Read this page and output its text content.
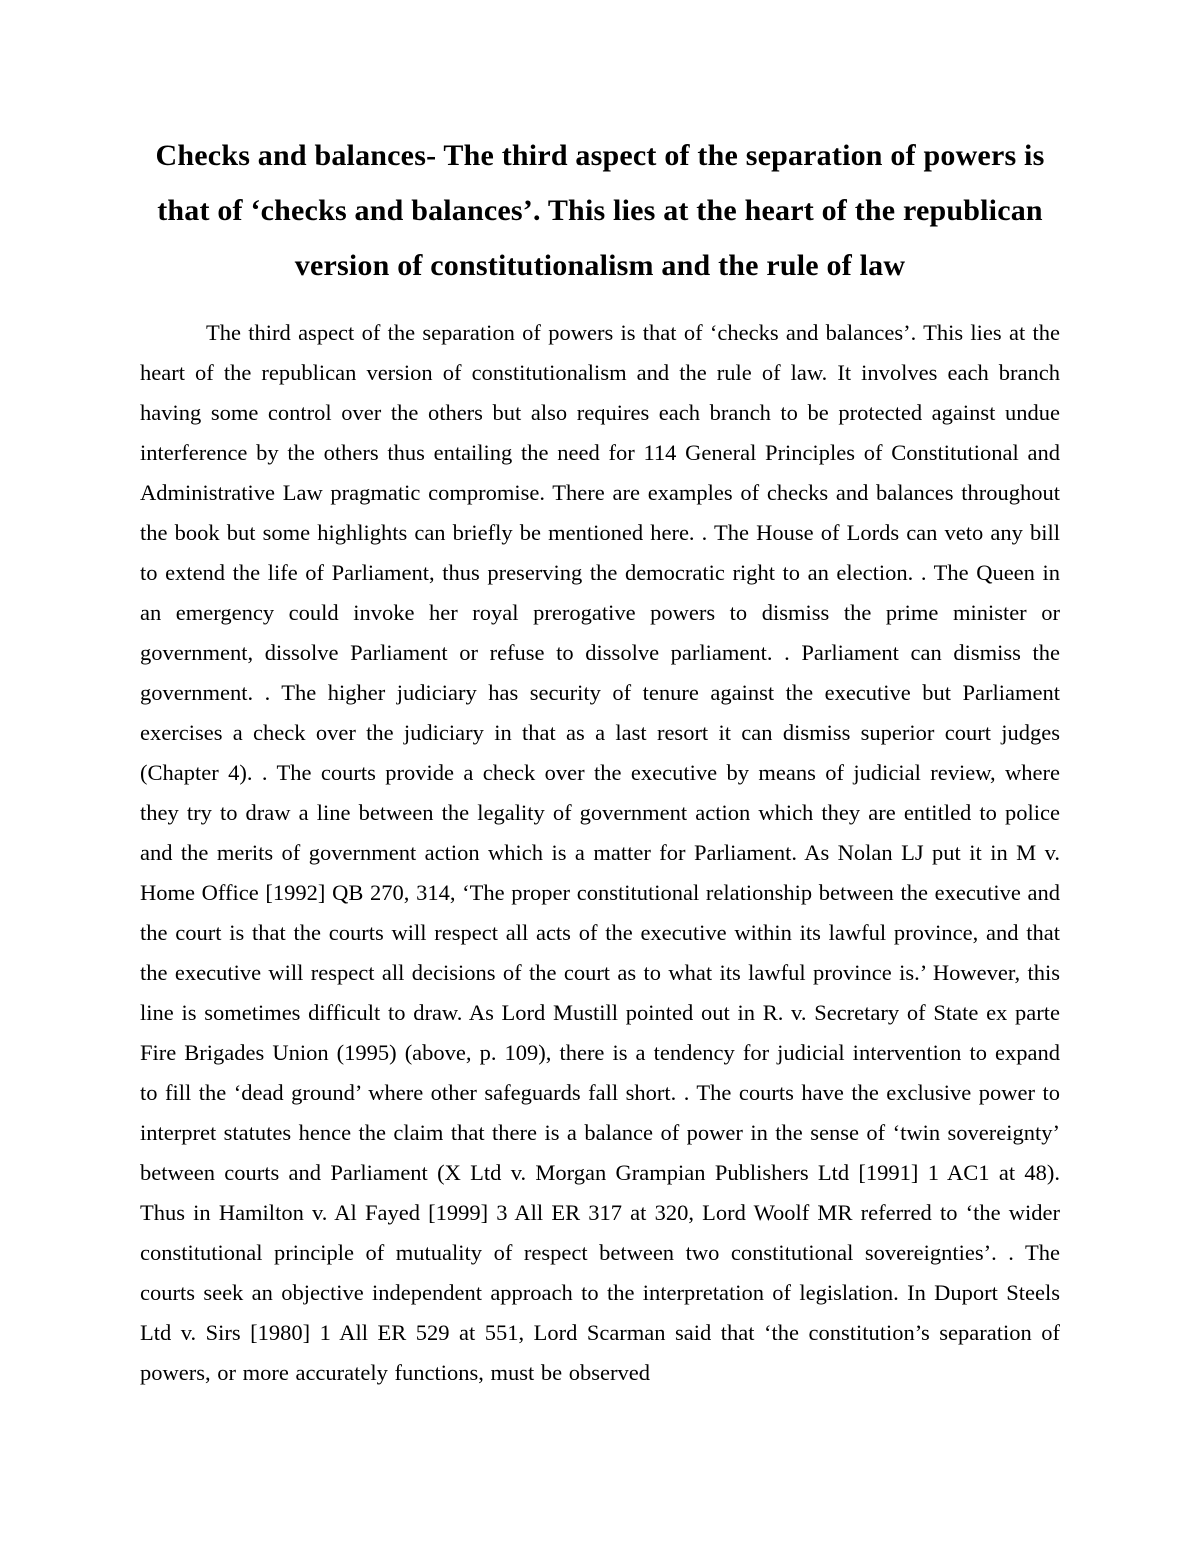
Checks and balances- The third aspect of the separation of powers is that of ‘checks and balances’. This lies at the heart of the republican version of constitutionalism and the rule of law

The third aspect of the separation of powers is that of ‘checks and balances’. This lies at the heart of the republican version of constitutionalism and the rule of law. It involves each branch having some control over the others but also requires each branch to be protected against undue interference by the others thus entailing the need for 114 General Principles of Constitutional and Administrative Law pragmatic compromise. There are examples of checks and balances throughout the book but some highlights can briefly be mentioned here. . The House of Lords can veto any bill to extend the life of Parliament, thus preserving the democratic right to an election. . The Queen in an emergency could invoke her royal prerogative powers to dismiss the prime minister or government, dissolve Parliament or refuse to dissolve parliament. . Parliament can dismiss the government. . The higher judiciary has security of tenure against the executive but Parliament exercises a check over the judiciary in that as a last resort it can dismiss superior court judges (Chapter 4). . The courts provide a check over the executive by means of judicial review, where they try to draw a line between the legality of government action which they are entitled to police and the merits of government action which is a matter for Parliament. As Nolan LJ put it in M v. Home Office [1992] QB 270, 314, ‘The proper constitutional relationship between the executive and the court is that the courts will respect all acts of the executive within its lawful province, and that the executive will respect all decisions of the court as to what its lawful province is.’ However, this line is sometimes difficult to draw. As Lord Mustill pointed out in R. v. Secretary of State ex parte Fire Brigades Union (1995) (above, p. 109), there is a tendency for judicial intervention to expand to fill the ‘dead ground’ where other safeguards fall short. . The courts have the exclusive power to interpret statutes hence the claim that there is a balance of power in the sense of ‘twin sovereignty’ between courts and Parliament (X Ltd v. Morgan Grampian Publishers Ltd [1991] 1 AC1 at 48). Thus in Hamilton v. Al Fayed [1999] 3 All ER 317 at 320, Lord Woolf MR referred to ‘the wider constitutional principle of mutuality of respect between two constitutional sovereignties’. . The courts seek an objective independent approach to the interpretation of legislation. In Duport Steels Ltd v. Sirs [1980] 1 All ER 529 at 551, Lord Scarman said that ‘the constitution’s separation of powers, or more accurately functions, must be observed
